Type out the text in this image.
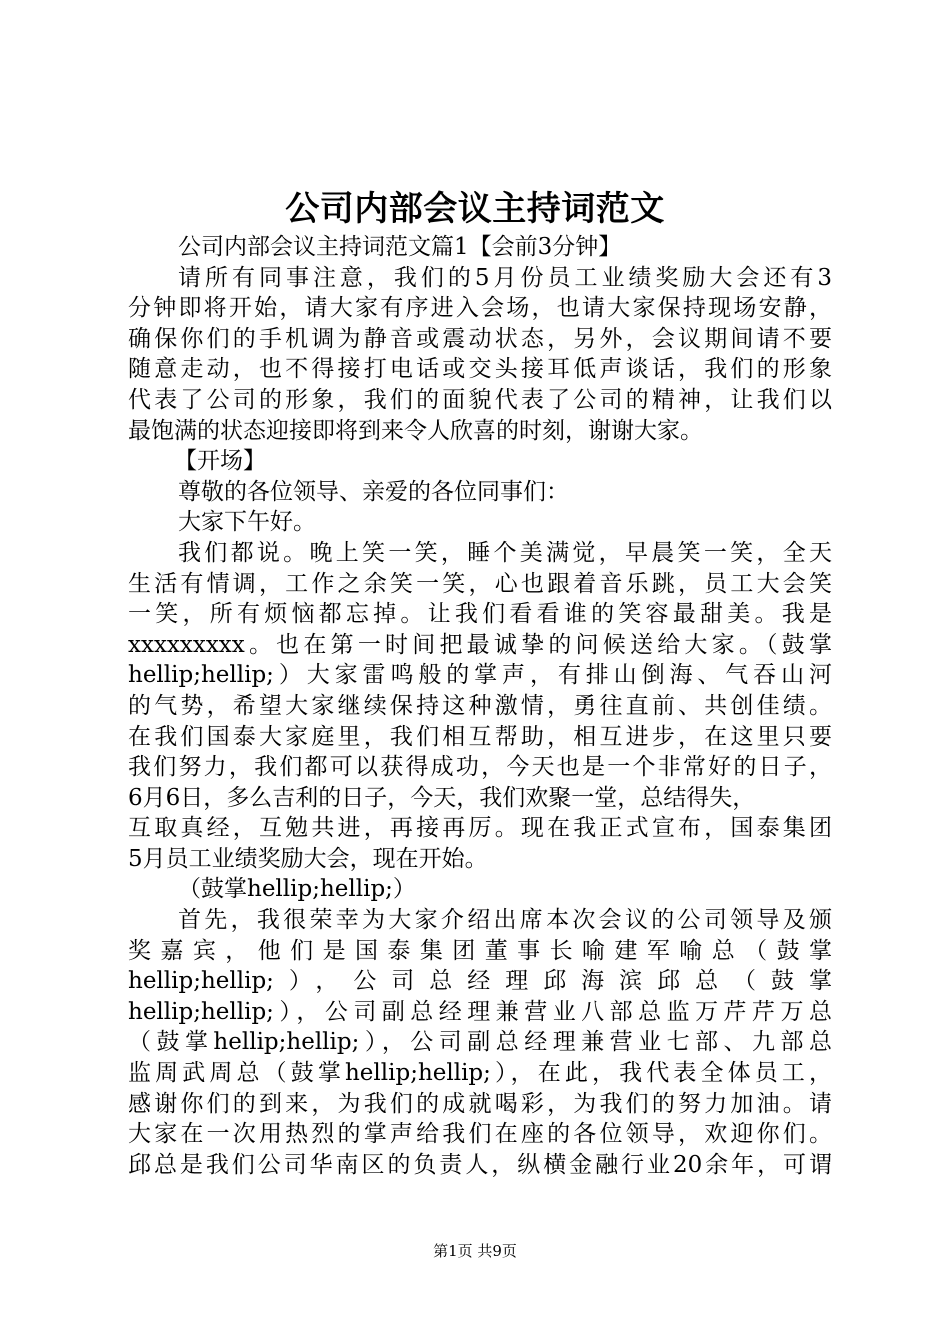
公司内部会议主持词范文
公司内部会议主持词范文篇1【会前3分钟】
请所有同事注意，我们的5月份员工业绩奖励大会还有3
分钟即将开始，请大家有序进入会场，也请大家保持现场安静，
确保你们的手机调为静音或震动状态，另外，会议期间请不要
随意走动，也不得接打电话或交头接耳低声谈话，我们的形象
代表了公司的形象，我们的面貌代表了公司的精神，让我们以
最饱满的状态迎接即将到来令人欣喜的时刻，谢谢大家。
【开场】
尊敬的各位领导、亲爱的各位同事们：
大家下午好。
我们都说。晚上笑一笑，睡个美满觉，早晨笑一笑，全天
生活有情调，工作之余笑一笑，心也跟着音乐跳，员工大会笑
一笑，所有烦恼都忘掉。让我们看看谁的笑容最甜美。我是
xxxxxxxxx。也在第一时间把最诚挚的问候送给大家。（鼓掌
hellip;hellip;）大家雷鸣般的掌声，有排山倒海、气吞山河
的气势，希望大家继续保持这种激情，勇往直前、共创佳绩。
在我们国泰大家庭里，我们相互帮助，相互进步，在这里只要
我们努力，我们都可以获得成功，今天也是一个非常好的日子，
6月6日，多么吉利的日子，今天，我们欢聚一堂，总结得失，
互取真经，互勉共进，再接再厉。现在我正式宣布，国泰集团
5月员工业绩奖励大会，现在开始。
（鼓掌hellip;hellip;）
首先，我很荣幸为大家介绍出席本次会议的公司领导及颁
奖嘉宾，他们是国泰集团董事长喻建军喻总（鼓掌
hellip;hellip;），公司总经理邱海滨邱总（鼓掌
hellip;hellip;），公司副总经理兼营业八部总监万芹芹万总
（鼓掌hellip;hellip;），公司副总经理兼营业七部、九部总
监周武周总（鼓掌hellip;hellip;），在此，我代表全体员工，
感谢你们的到来，为我们的成就喝彩，为我们的努力加油。请
大家在一次用热烈的掌声给我们在座的各位领导，欢迎你们。
邱总是我们公司华南区的负责人，纵横金融行业20余年，可谓
第1页 共9页
